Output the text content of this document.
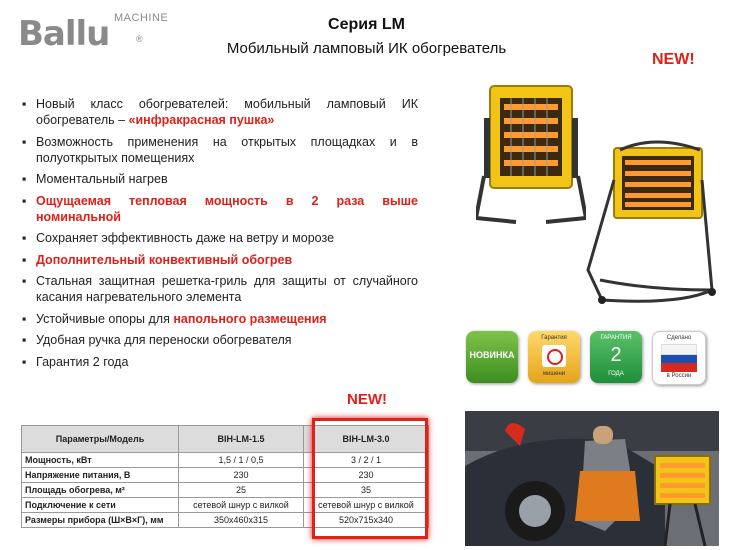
Ballu MACHINE
®
Серия LM
Мобильный ламповый ИК обогреватель
NEW!
▪ Новый класс обогревателей: мобильный ламповый ИК обогреватель – «инфракрасная пушка»
▪ Возможность применения на открытых площадках и в полуоткрытых помещениях
▪ Моментальный нагрев
▪ Ощущаемая тепловая мощность в 2 раза выше номинальной
▪ Сохраняет эффективность даже на ветру и морозе
▪ Дополнительный конвективный обогрев
▪ Стальная защитная решетка-гриль для защиты от случайного касания нагревательного элемента
▪ Устойчивые опоры для напольного размещения
▪ Удобная ручка для переноски обогревателя
▪ Гарантия 2 года	НОВИНКА
Гарантия
мишени
ГАРАНТИЯ
2
ГОДА
Сделано
в России
NEW!
Параметры/Модель	BIH-LM-1.5	BIH-LM-3.0
Мощность, кВт	1,5 / 1 / 0,5	3 / 2 / 1
Напряжение питания, В	230	230
Площадь обогрева, м²	25	35
Подключение к сети	сетевой шнур с вилкой	сетевой шнур с вилкой
Размеры прибора (Ш×В×Г), мм	350x460x315	520x715x340
